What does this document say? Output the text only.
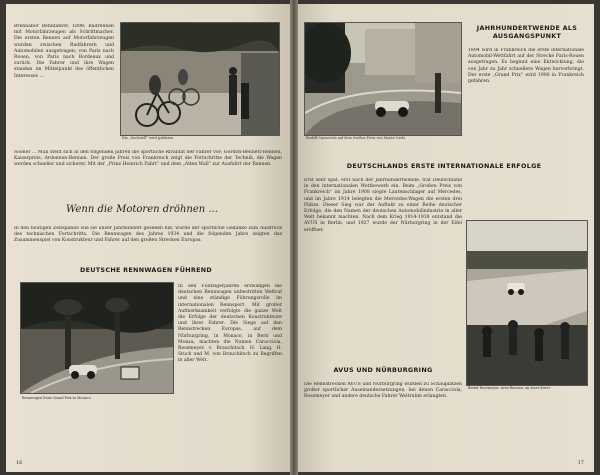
Brennabor Rennfahrer, 1898; Radrennen mit Motorfahrzeugen als Schrittmacher. Die ersten Rennen auf Motorfahrzeugen wurden zwischen Radfahrern und Automobilen ausgetragen; von Paris nach Rouen, von Paris nach Bordeaux und zurück. Die Fahrer und ihre Wagen standen im Mittelpunkt des öffentlichen Interesses ...
Ein „Sechstell“ wird gefahren
Sooner ... Man stellt sich in den folgenden Jahren die sportliche Rivalität der Fahrer vor; Gordon-Bennett-Rennen, Kaiserpreis, Ardennen-Rennen. Der große Preis von Frankreich zeigt die Fortschritte der Technik, die Wagen werden schneller und sicherer. Mit der „Prinz Heinrich Fahrt“ und dem „Alten Wall“ zur Ausfahrt der Rennen.
Wenn die Motoren dröhnen ...
In den heutigen Zeitspanne wie sie unser Jahrhundert gesehen hat, wurde der sportliche Gedanke zum Ausdruck des technischen Fortschritts. Die Rennwagen des Jahres 1934 und die folgenden Jahre zeigten das Zusammenspiel von Konstrukteur und Fahrer auf den großen Strecken Europas.
DEUTSCHE RENNWAGEN FÜHREND
Rennwagen beim Grand Prix in Monaco
In den Fünfzigerjahren erzwangen die deutschen Rennwagen unbestritten Weltruf und eine ständige Führungsrolle im internationalen Rennsport. Mit großer Aufmerksamkeit verfolgte die ganze Welt die Erfolge der deutschen Konstrukteure und ihrer Fahrer. Die Siege auf den Rennstrecken Europas, auf dem Nürburgring, in Monaco, in Bern und Monza, machten die Namen Caracciola, Rosemeyer, v. Brauchitsch, H. Lang, H. Stuck und M. von Brauchitsch zu Begriffen in aller Welt.
16
Rudolf Caracciola auf dem Großen Preis von Monte Carlo
JAHRHUNDERTWENDE ALS AUSGANGSPUNKT
1894 wird in Frankreich die erste internationale Automobil-Wettfahrt auf der Strecke Paris-Rouen ausgetragen. Es beginnt eine Entwicklung, die von Jahr zu Jahr schnellere Wagen hervorbringt. Der erste „Grand Prix“ wird 1906 in Frankreich gefahren.
DEUTSCHLANDS ERSTE INTERNATIONALE ERFOLGE
Erst sehr spät, erst nach der Jahrhundertwende, trat Deutschland in den internationalen Wettbewerb ein. Beim „Großen Preis von Frankreich“ im Jahre 1908 siegte Lautenschlager auf Mercedes, und im Jahre 1914 belegten die Mercedes-Wagen die ersten drei Plätze. Dieser Sieg war der Auftakt zu einer Reihe deutscher Erfolge, die den Namen der deutschen Automobilindustrie in aller Welt bekannt machten. Nach dem Krieg 1914-1918 entstand die AVUS in Berlin, und 1927 wurde der Nürburgring in der Eifel eröffnet.
Bernd Rosemeyer, Avus-Rennen, an einer Kurve
AVUS UND NÜRBURGRING
Die Rennstrecken AVUS und Nürburgring wurden zu Schauplätzen großer sportlicher Auseinandersetzungen, bei denen Caracciola, Rosemeyer und andere deutsche Fahrer Weltruhm erlangten.
17
